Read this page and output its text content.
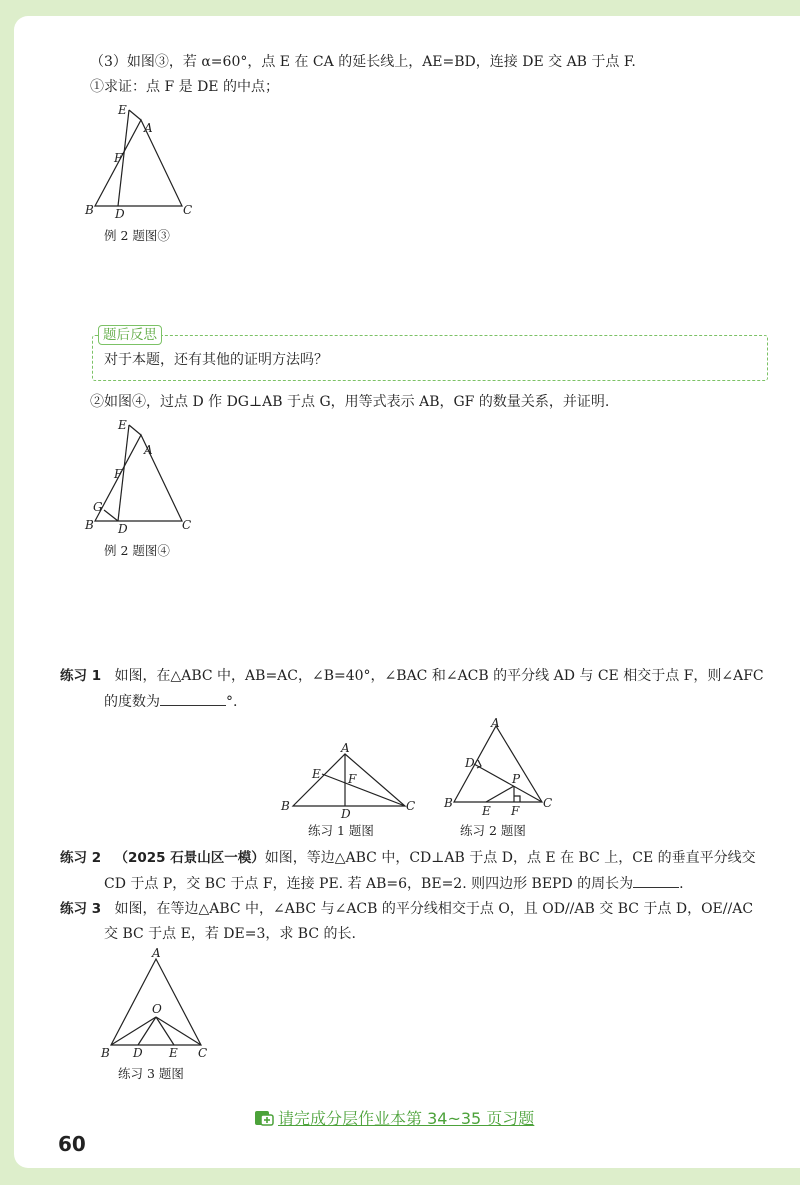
（3）如图③，若 α=60°，点 E 在 CA 的延长线上，AE=BD，连接 DE 交 AB 于点 F.
①求证：点 F 是 DE 的中点；
E
A
F
B D	C
例 2 题图③
题后反思
对于本题，还有其他的证明方法吗？
②如图④，过点 D 作 DG⊥AB 于点 G，用等式表示 AB，GF 的数量关系，并证明.
E
A
F
G
B D	C
例 2 题图④
练习 1 如图，在△ABC 中，AB=AC，∠B=40°，∠BAC 和∠ACB 的平分线 AD 与 CE 相交于点 F，则∠AFC
的度数为	°.
A
E F
B
D
C
练习 1 题图
A
D
P
B
E F
C
练习 2 题图
练习 2 （2025 石景山区一模）如图，等边△ABC 中，CD⊥AB 于点 D，点 E 在 BC 上，CE 的垂直平分线交
CD 于点 P，交 BC 于点 F，连接 PE. 若 AB=6，BE=2. 则四边形 BEPD 的周长为	.
练习 3 如图，在等边△ABC 中，∠ABC 与∠ACB 的平分线相交于点 O，且 OD//AB 交 BC 于点 D，OE//AC
交 BC 于点 E，若 DE=3，求 BC 的长.
A
O
B D E C
练习 3 题图
请完成分层作业本第 34~35 页习题
60
